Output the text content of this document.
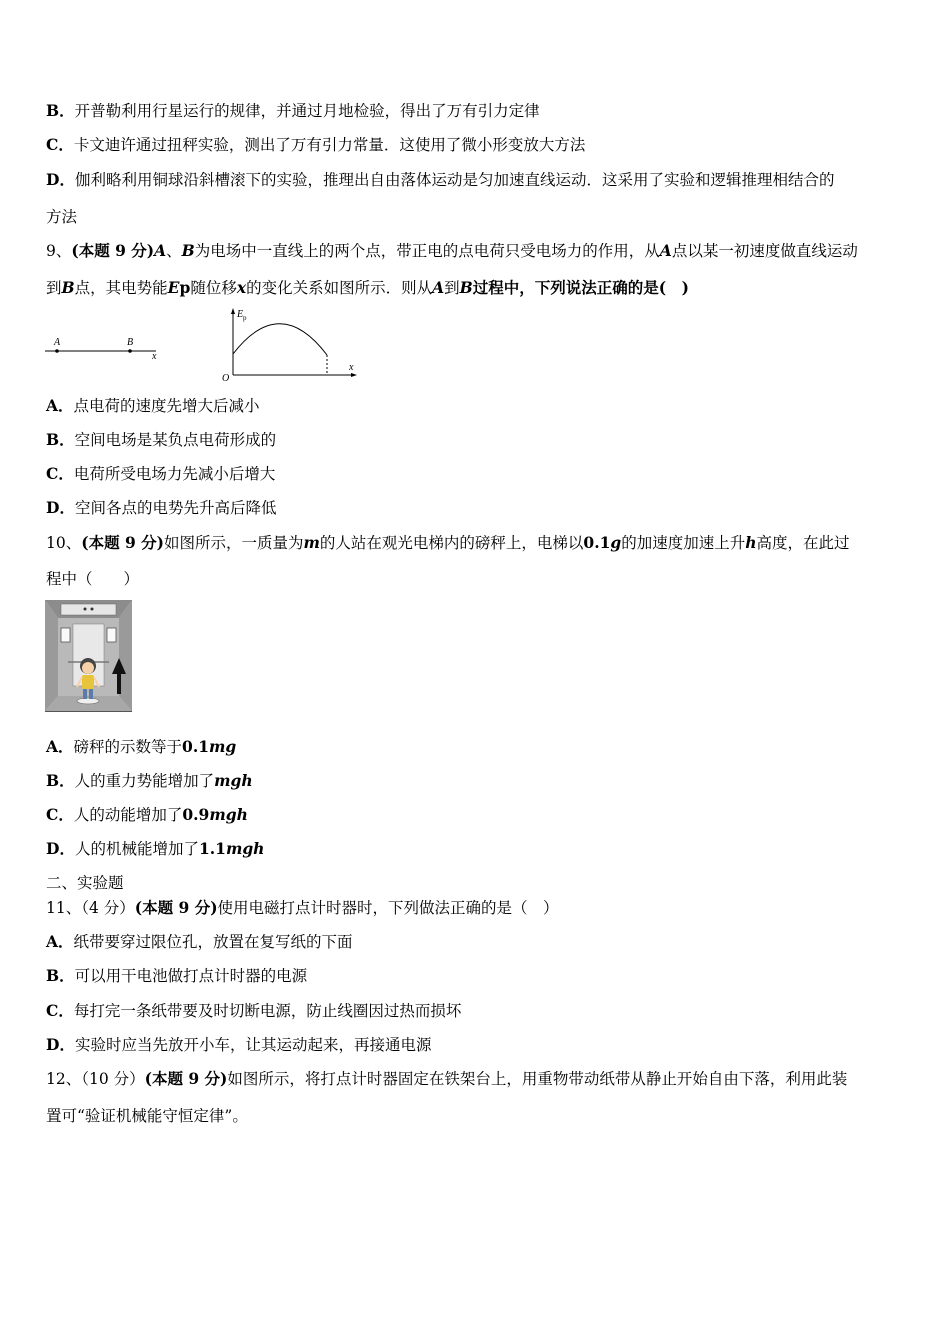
B．开普勒利用行星运行的规律，并通过月地检验，得出了万有引力定律
C．卡文迪许通过扭秤实验，测出了万有引力常量．这使用了微小形变放大方法
D．伽利略利用铜球沿斜槽滚下的实验，推理出自由落体运动是匀加速直线运动．这采用了实验和逻辑推理相结合的
方法
9、(本题 9 分)A、B为电场中一直线上的两个点，带正电的点电荷只受电场力的作用，从A点以某一初速度做直线运动
到B点，其电势能Ep随位移x的变化关系如图所示．则从A到B过程中，下列说法正确的是(　)
A	B
x
E p
O
x
A．点电荷的速度先增大后减小
B．空间电场是某负点电荷形成的
C．电荷所受电场力先减小后增大
D．空间各点的电势先升高后降低
10、(本题 9 分)如图所示，一质量为m的人站在观光电梯内的磅秤上，电梯以0.1g的加速度加速上升h高度，在此过
程中（　　）
A．磅秤的示数等于0.1mg
B．人的重力势能增加了mgh
C．人的动能增加了0.9mgh
D．人的机械能增加了1.1mgh
二、实验题
11、（4 分）(本题 9 分)使用电磁打点计时器时，下列做法正确的是（　）
A．纸带要穿过限位孔，放置在复写纸的下面
B．可以用干电池做打点计时器的电源
C．每打完一条纸带要及时切断电源，防止线圈因过热而损坏
D．实验时应当先放开小车，让其运动起来，再接通电源
12、（10 分）(本题 9 分)如图所示，将打点计时器固定在铁架台上，用重物带动纸带从静止开始自由下落，利用此装
置可“验证机械能守恒定律”。
